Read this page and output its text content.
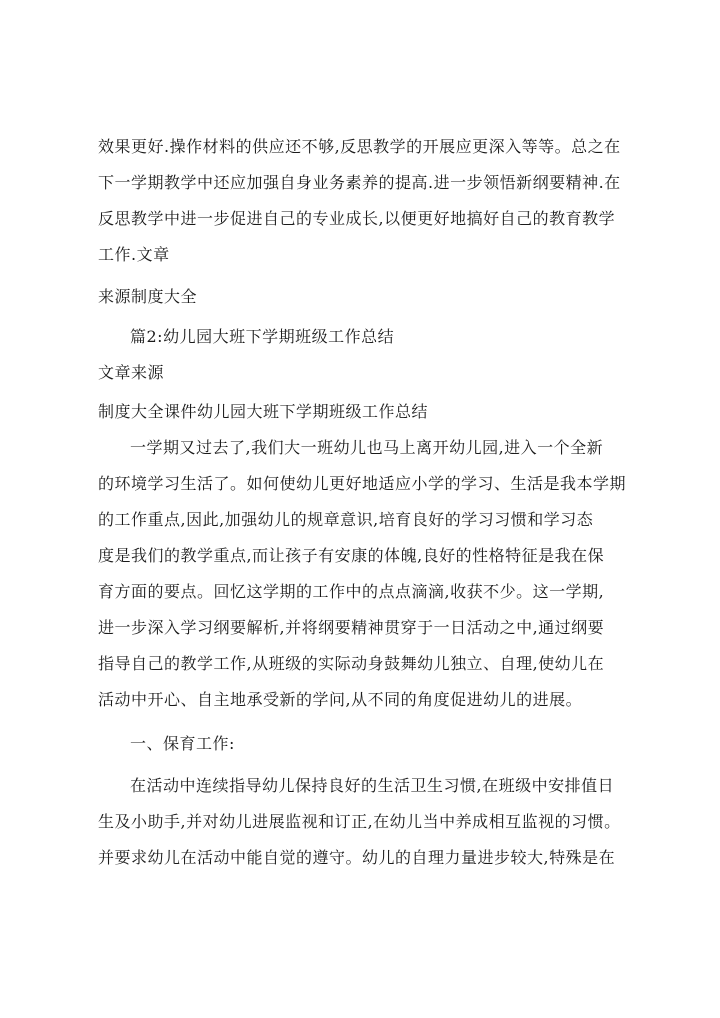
效果更好.操作材料的供应还不够,反思教学的开展应更深入等等。总之在

下一学期教学中还应加强自身业务素养的提高.进一步领悟新纲要精神.在

反思教学中进一步促进自己的专业成长,以便更好地搞好自己的教育教学

工作.文章

来源制度大全

篇2:幼儿园大班下学期班级工作总结

文章来源

制度大全课件幼儿园大班下学期班级工作总结

一学期又过去了,我们大一班幼儿也马上离开幼儿园,进入一个全新

的环境学习生活了。如何使幼儿更好地适应小学的学习、生活是我本学期

的工作重点,因此,加强幼儿的规章意识,培育良好的学习习惯和学习态

度是我们的教学重点,而让孩子有安康的体魄,良好的性格特征是我在保

育方面的要点。回忆这学期的工作中的点点滴滴,收获不少。这一学期,

进一步深入学习纲要解析,并将纲要精神贯穿于一日活动之中,通过纲要

指导自己的教学工作,从班级的实际动身鼓舞幼儿独立、自理,使幼儿在

活动中开心、自主地承受新的学问,从不同的角度促进幼儿的进展。

一、保育工作:

在活动中连续指导幼儿保持良好的生活卫生习惯,在班级中安排值日

生及小助手,并对幼儿进展监视和订正,在幼儿当中养成相互监视的习惯。

并要求幼儿在活动中能自觉的遵守。幼儿的自理力量进步较大,特殊是在
